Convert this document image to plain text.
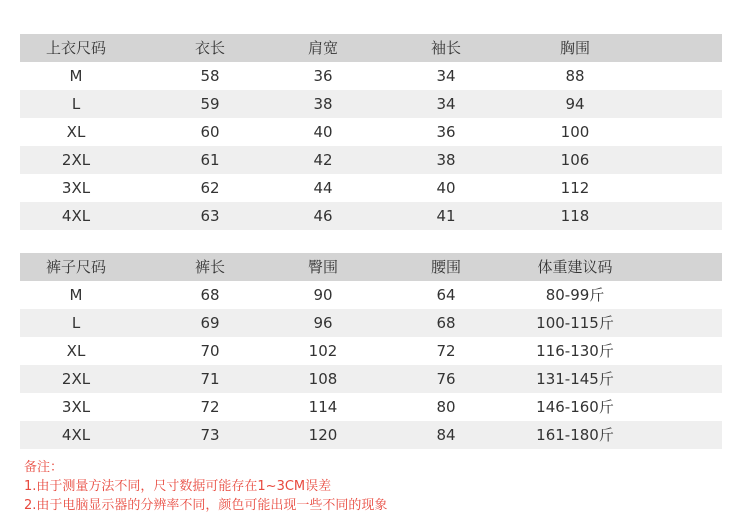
上衣尺码	衣长	肩宽	袖长	胸围
M	58	36	34	88
L	59	38	34	94
XL	60	40	36	100
2XL	61	42	38	106
3XL	62	44	40	112
4XL	63	46	41	118
裤子尺码	裤长	臀围	腰围	体重建议码
M	68	90	64	80-99斤
L	69	96	68	100-115斤
XL	70	102	72	116-130斤
2XL	71	108	76	131-145斤
3XL	72	114	80	146-160斤
4XL	73	120	84	161-180斤
备注：
1.由于测量方法不同，尺寸数据可能存在1~3CM误差
2.由于电脑显示器的分辨率不同，颜色可能出现一些不同的现象
